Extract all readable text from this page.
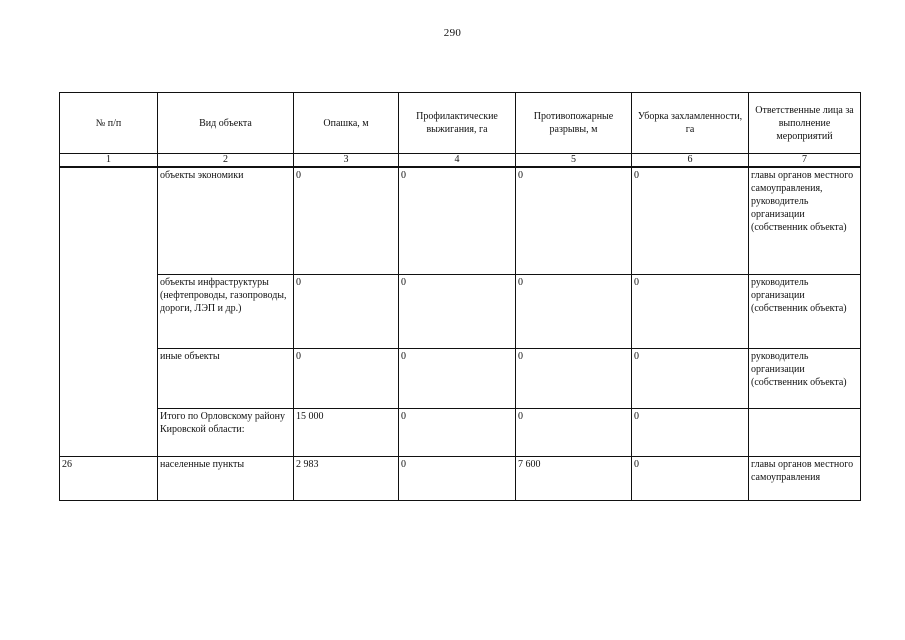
290
№ п/п	Вид объекта	Опашка, м	Профилактические выжигания, га	Противопожарные разрывы, м	Уборка захламленности, га	Ответственные лица за выполнение мероприятий
1	2	3	4	5	6	7
	объекты экономики	0	0	0	0	главы органов местного самоуправления, руководитель организации (собственник объекта)
	объекты инфраструктуры (нефтепроводы, газопроводы, дороги, ЛЭП и др.)	0	0	0	0	руководитель организации (собственник объекта)
	иные объекты	0	0	0	0	руководитель организации (собственник объекта)
	Итого по Орловскому району Кировской области:	15 000	0	0	0	
26	населенные пункты	2 983	0	7 600	0	главы органов местного самоуправления
